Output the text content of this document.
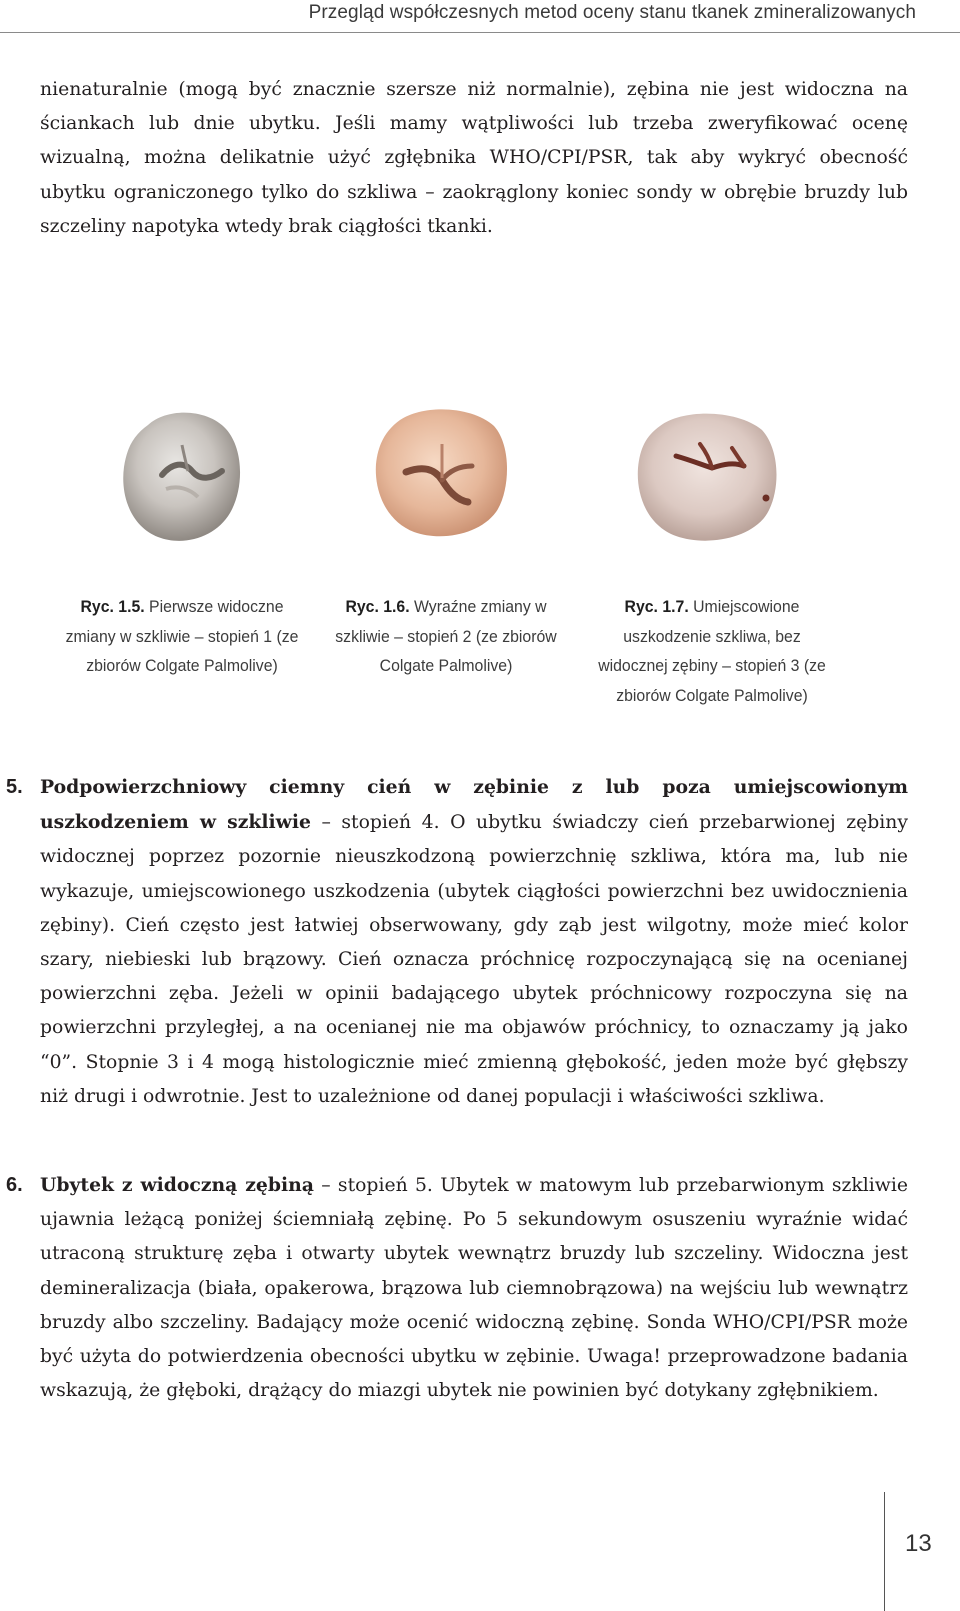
Przegląd współczesnych metod oceny stanu tkanek zmineralizowanych

nienaturalnie (mogą być znacznie szersze niż normalnie), zębina nie jest widoczna na ściankach lub dnie ubytku. Jeśli mamy wątpliwości lub trzeba zweryfikować ocenę wizualną, można delikatnie użyć zgłębnika WHO/CPI/PSR, tak aby wykryć obecność ubytku ograniczonego tylko do szkliwa – zaokrąglony koniec sondy w obrębie bruzdy lub szczeliny napotyka wtedy brak ciągłości tkanki.

Ryc. 1.5. Pierwsze widoczne zmiany w szkliwie – stopień 1 (ze zbiorów Colgate Palmolive)
Ryc. 1.6. Wyraźne zmiany w szkliwie – stopień 2 (ze zbiorów Colgate Palmolive)
Ryc. 1.7. Umiejscowione uszkodzenie szkliwa, bez widocznej zębiny – stopień 3 (ze zbiorów Colgate Palmolive)
5. Podpowierzchniowy ciemny cień w zębinie z lub poza umiejscowionym uszkodzeniem w szkliwie – stopień 4. O ubytku świadczy cień przebarwionej zębiny widocznej poprzez pozornie nieuszkodzoną powierzchnię szkliwa, która ma, lub nie wykazuje, umiejscowionego uszkodzenia (ubytek ciągłości powierzchni bez uwidocznienia zębiny). Cień często jest łatwiej obserwowany, gdy ząb jest wilgotny, może mieć kolor szary, niebieski lub brązowy. Cień oznacza próchnicę rozpoczynającą się na ocenianej powierzchni zęba. Jeżeli w opinii badającego ubytek próchnicowy rozpoczyna się na powierzchni przyległej, a na ocenianej nie ma objawów próchnicy, to oznaczamy ją jako “0”. Stopnie 3 i 4 mogą histologicznie mieć zmienną głębokość, jeden może być głębszy niż drugi i odwrotnie. Jest to uzależnione od danej populacji i właściwości szkliwa.

6. Ubytek z widoczną zębiną – stopień 5. Ubytek w matowym lub przebarwionym szkliwie ujawnia leżącą poniżej ściemniałą zębinę. Po 5 sekundowym osuszeniu wyraźnie widać utraconą strukturę zęba i otwarty ubytek wewnątrz bruzdy lub szczeliny. Widoczna jest demineralizacja (biała, opakerowa, brązowa lub ciemnobrązowa) na wejściu lub wewnątrz bruzdy albo szczeliny. Badający może ocenić widoczną zębinę. Sonda WHO/CPI/PSR może być użyta do potwierdzenia obecności ubytku w zębinie. Uwaga! przeprowadzone badania wskazują, że głęboki, drążący do miazgi ubytek nie powinien być dotykany zgłębnikiem.

13
